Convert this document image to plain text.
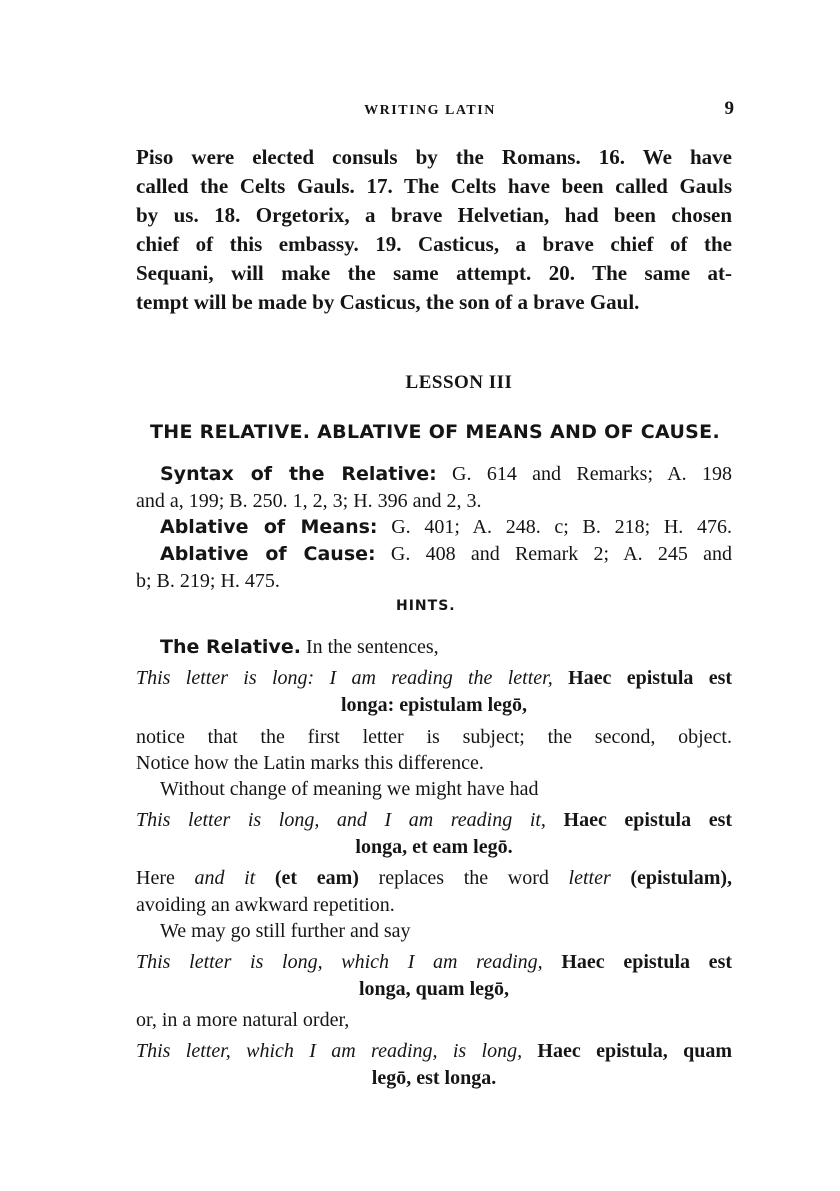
WRITING LATIN	9
Piso were elected consuls by the Romans. 16. We have
called the Celts Gauls. 17. The Celts have been called Gauls
by us. 18. Orgetorix, a brave Helvetian, had been chosen
chief of this embassy. 19. Casticus, a brave chief of the
Sequani, will make the same attempt. 20. The same at-
tempt will be made by Casticus, the son of a brave Gaul.
LESSON III
THE RELATIVE. ABLATIVE OF MEANS AND OF CAUSE.
Syntax of the Relative: G. 614 and Remarks; A. 198
and a, 199; B. 250. 1, 2, 3; H. 396 and 2, 3.
Ablative of Means: G. 401; A. 248. c; B. 218; H. 476.
Ablative of Cause: G. 408 and Remark 2; A. 245 and
b; B. 219; H. 475.
HINTS.
The Relative. In the sentences,
This letter is long: I am reading the letter, Haec epistula est
longa: epistulam legō,
notice that the first letter is subject; the second, object.
Notice how the Latin marks this difference.
Without change of meaning we might have had
This letter is long, and I am reading it, Haec epistula est
longa, et eam legō.
Here and it (et eam) replaces the word letter (epistulam),
avoiding an awkward repetition.
We may go still further and say
This letter is long, which I am reading, Haec epistula est
longa, quam legō,
or, in a more natural order,
This letter, which I am reading, is long, Haec epistula, quam
legō, est longa.
